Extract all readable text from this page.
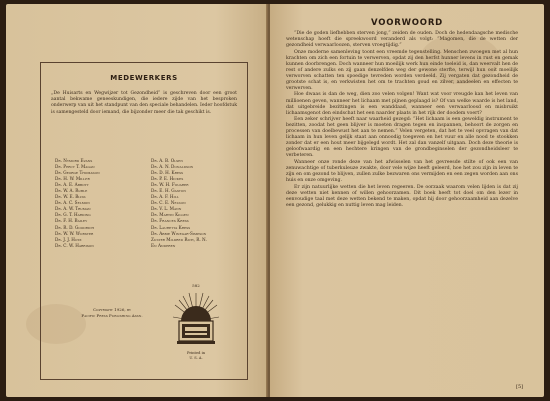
MEDEWERKERS
„De Huisarts en Wegwijzer tot Gezondheid” is geschreven door een groot aantal bekwame geneeskundigen, die iedere zijde van het besproken onderwerp van uit het standpunt van den speciale behandelen. Ieder hoofdstuk is samengesteld door iemand, die bijzonder meer die tak geschikt is.
Dr. Nymord Evans	Dr. A. B. Olsen
Dr. Percy T. Magan	Dr. A. N. Donaldson
Dr. George Thomason	Dr. D. H. Kress
Dr. H. W. Miller	Dr. P. E. Hickes
Dr. A. E. Abbott	Dr. W. H. Fouarer
Dr. W. A. Ruble	Dr. E. H. Gaston
Dr. W. E. Bliss	Dr. A. F. Hill
Dr. A. C. Selmon	Dr. C. E. Nelson
Dr. A. W. Truman	Dr. V. L. Mann
Dr. G. T. Harding	Dr. Martin Kilgen
Dr. F. H. Bailey	Dr. Frances Kress
Dr. R. D. Goodrich	Dr. Lauretta Kress
Dr. W. W. Worster	Dr. Abbie Winegar-Simpson
Dr. J. J. Hotz	Zuster Mildred Rich, R. N.
Dr. C. W. Harrison	En Anderen
Copyright 1926, by
Pacific Press Publishing Assn.
582
Printed in
U. S. A.
VOORWOORD

“Die de goden liefhebben sterven jong,” zeiden de ouden. Doch de hedendaagsche medische wetenschap hoeft die spreekwoord veranderd als volgt: “Magomen, die de wetten der gezondheid verwaarloozen, sterven vroegtijdig.”

Onze moderne samenleving toont een vreemde tegenstelling. Menschen zwoegen met al hun krachten om zich een fortuin te verwerven, opdat zij den herfst hunner levens in rust en gemak kunnen doorbrengen. Doch wanneer hun moeilijk werk hun einde toeleid is, dan weervalt hen de rest of andere zulks en zij gaan denzelfden weg der gewone sterfte, terwijl hun ooit moeilijk verworven schatten ten spoedige tevreden worden verdeeld. Zij vergaten dat gezondheid de grootste schat is, en verkwisten het om te trachten goud en zilver, aandeelen en effecten te verwerven.

Hoe dwaas is dan de weg, dien zoo velen volgen! Want wat voor vreugde kan het leven van millioenen geven, wanneer het lichaam met pijnen geplaagd is? Of van welke waarde is het land, dat uitgebreide bezittingen is een wanddaad, wanneer een verwaarloosd en misbruikt lichaamsgenot den eindschat het een naarder plaats in het rijk der doodem voert?

Een zeker schrijver heeft naar waarheid gezegd: “Het lichaam is een geweldig instrument te bezitten, zoodat het geen blijver is moeten dragen tegen en inspannen, behoort de zorgen en processen van doelbewust het aan te nemen.” Velen vergeten, dat het te veel opvragen van dat lichaam in hun leven gelijk staat aan onnoodig toegeven en het vuur en alle nood te stookken zonder dat er een hout meer bijgelegd wordt. Het zal dan vanzelf uitgaan. Doch deze theorie is geloofwaardig en een hechtere kringen van de grondbeginselen der gezondheidsleer te verbeteren.

Wanneer onze ronde deze van het afwisselen van het gevreesde stilte of ook een van zenuwachtige of tuberkuleuze zwakte, door vele wijze heeft geleerd, hoe het zou zijn in leven te zijn en om gezond te blijven, zullen zulke bezwaren ons vermijden en een zegen worden aan ons huis en onze omgeving.

Er zijn natuurlijke wetten die het leven regeeren. De oorzaak waarom velen lijden is dat zij deze wetten niet kennen of willen gehoorzamen. Dit boek heeft tot doel om den lezer in eenvoudige taal met deze wetten bekend te maken, opdat hij door gehoorzaamheid aan dezelve een gezond, gelukkig en nuttig leven mag leiden.

[5]
